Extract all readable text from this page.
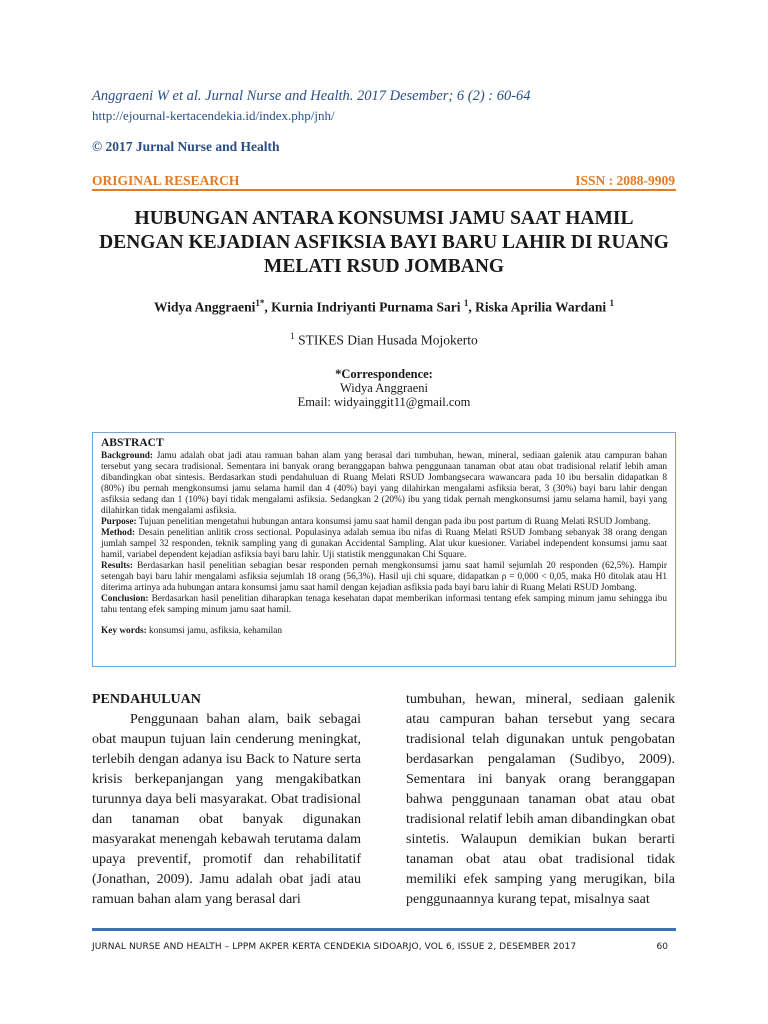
Anggraeni W et al. Jurnal Nurse and Health. 2017 Desember; 6 (2) : 60-64
http://ejournal-kertacendekia.id/index.php/jnh/
© 2017 Jurnal Nurse and Health
ORIGINAL RESEARCH	ISSN : 2088-9909
HUBUNGAN ANTARA KONSUMSI JAMU SAAT HAMIL DENGAN KEJADIAN ASFIKSIA BAYI BARU LAHIR DI RUANG MELATI RSUD JOMBANG
Widya Anggraeni$^{1*}$, Kurnia Indriyanti Purnama Sari $^1$, Riska Aprilia Wardani $^1$
$^1$ STIKES Dian Husada Mojokerto
*Correspondence:
Widya Anggraeni
Email: widyainggit11@gmail.com
ABSTRACT

Background: Jamu adalah obat jadi atau ramuan bahan alam yang berasal dari tumbuhan, hewan, mineral, sediaan galenik atau campuran bahan tersebut yang secara tradisional. Sementara ini banyak orang beranggapan bahwa penggunaan tanaman obat atau obat tradisional relatif lebih aman dibandingkan obat sintesis. Berdasarkan studi pendahuluan di Ruang Melati RSUD Jombangsecara wawancara pada 10 ibu bersalin didapatkan 8 (80%) ibu pernah mengkonsumsi jamu selama hamil dan 4 (40%) bayi yang dilahirkan mengalami asfiksia berat, 3 (30%) bayi baru lahir dengan asfiksia sedang dan 1 (10%) bayi tidak mengalami asfiksia. Sedangkan 2 (20%) ibu yang tidak pernah mengkonsumsi jamu selama hamil, bayi yang dilahirkan tidak mengalami asfiksia.

Purpose: Tujuan penelitian mengetahui hubungan antara konsumsi jamu saat hamil dengan pada ibu post partum di Ruang Melati RSUD Jombang.

Method: Desain penelitian anlitik cross sectional. Populasinya adalah semua ibu nifas di Ruang Melati RSUD Jombang sebanyak 38 orang dengan jumlah sampel 32 responden, teknik sampling yang di gunakan Accidental Sampling. Alat ukur kuesioner. Variabel independent konsumsi jamu saat hamil, variabel dependent kejadian asfiksia bayi baru lahir. Uji statistik menggunakan Chi Square.

Results: Berdasarkan hasil penelitian sebagian besar responden pernah mengkonsumsi jamu saat hamil sejumlah 20 responden (62,5%). Hampir setengah bayi baru lahir mengalami asfiksia sejumlah 18 orang (56,3%). Hasil uji chi square, didapatkan ρ = 0,000 < 0,05, maka H0 ditolak atau H1 diterima artinya ada hubungan antara konsumsi jamu saat hamil dengan kejadian asfiksia pada bayi baru lahir di Ruang Melati RSUD Jombang.

Conclusion: Berdasarkan hasil penelitian diharapkan tenaga kesehatan dapat memberikan informasi tentang efek samping minum jamu sehingga ibu tahu tentang efek samping minum jamu saat hamil.

Key words: konsumsi jamu, asfiksia, kehamilan

PENDAHULUAN

Penggunaan bahan alam, baik sebagai obat maupun tujuan lain cenderung meningkat, terlebih dengan adanya isu Back to Nature serta krisis berkepanjangan yang mengakibatkan turunnya daya beli masyarakat. Obat tradisional dan tanaman obat banyak digunakan masyarakat menengah kebawah terutama dalam upaya preventif, promotif dan rehabilitatif (Jonathan, 2009). Jamu adalah obat jadi atau ramuan bahan alam yang berasal dari

tumbuhan, hewan, mineral, sediaan galenik atau campuran bahan tersebut yang secara tradisional telah digunakan untuk pengobatan berdasarkan pengalaman (Sudibyo, 2009). Sementara ini banyak orang beranggapan bahwa penggunaan tanaman obat atau obat tradisional relatif lebih aman dibandingkan obat sintetis. Walaupun demikian bukan berarti tanaman obat atau obat tradisional tidak memiliki efek samping yang merugikan, bila penggunaannya kurang tepat, misalnya saat

JURNAL NURSE AND HEALTH – LPPM AKPER KERTA CENDEKIA SIDOARJO, VOL 6, ISSUE 2, DESEMBER 2017	60
